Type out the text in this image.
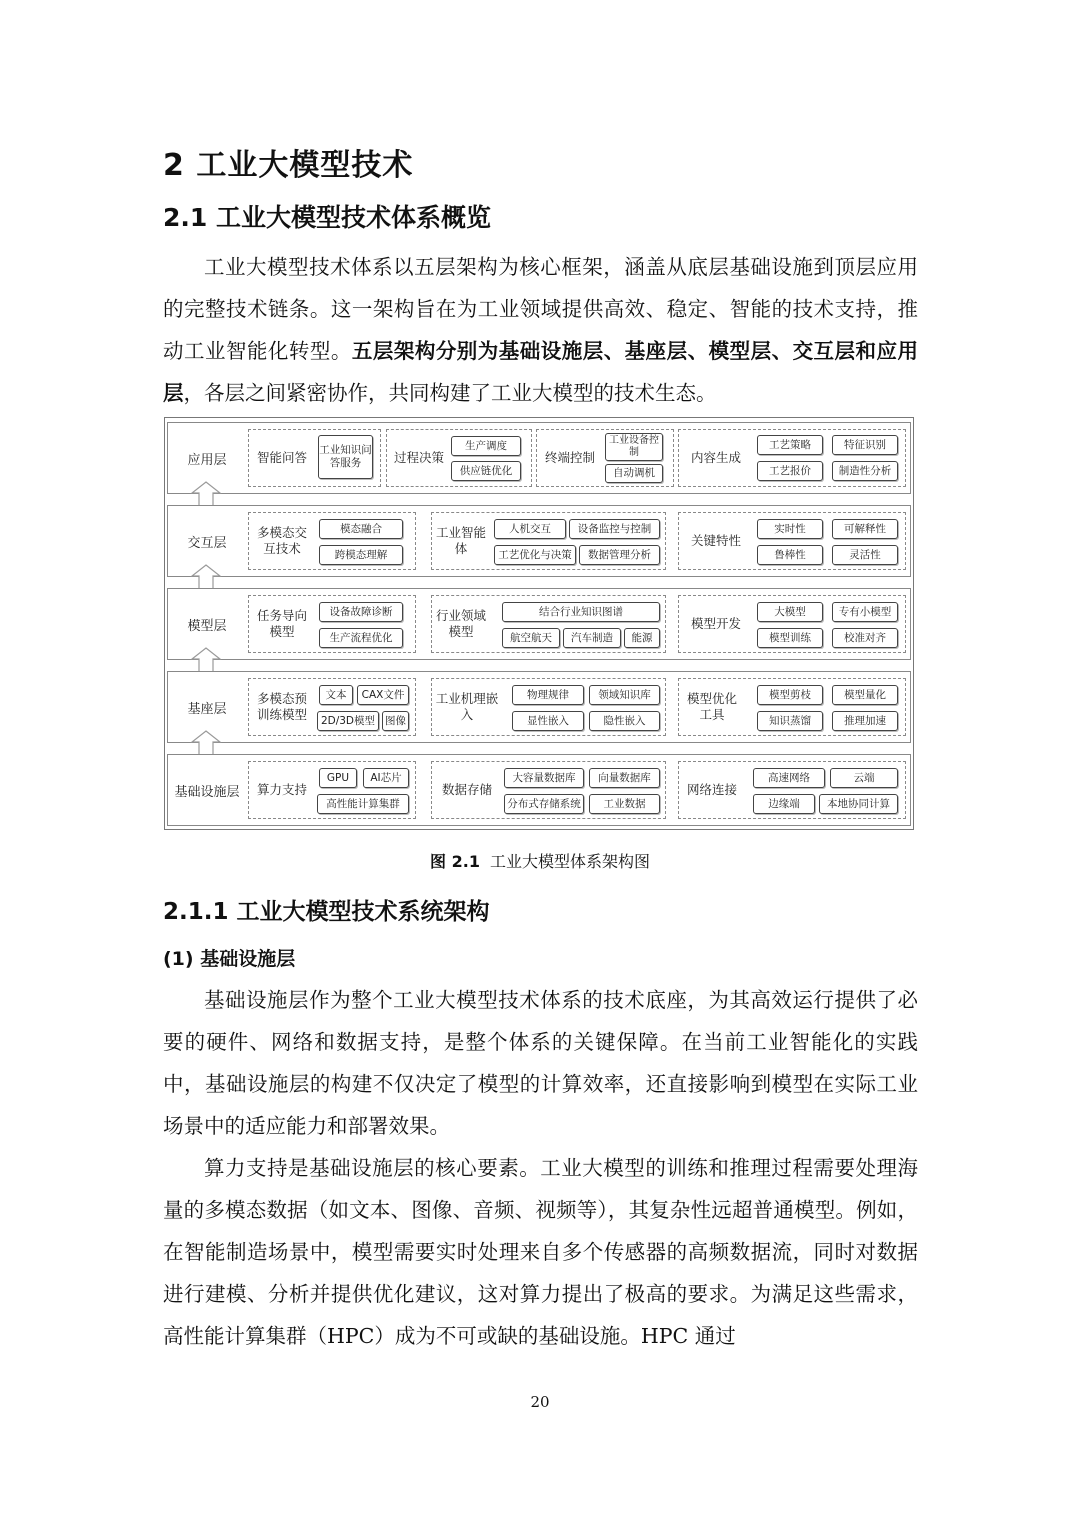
2 工业大模型技术
2.1 工业大模型技术体系概览
工业大模型技术体系以五层架构为核心框架，涵盖从底层基础设施到顶层应用的完整技术链条。这一架构旨在为工业领域提供高效、稳定、智能的技术支持，推动工业智能化转型。五层架构分别为基础设施层、基座层、模型层、交互层和应用层，各层之间紧密协作，共同构建了工业大模型的技术生态。
应用层	智能问答	工业知识问答服务	过程决策
生产调度
供应链优化
终端控制
工业设备控制
自动调机
内容生成
工艺策略	特征识别
工艺报价	制造性分析
交互层
多模态交互技术
模态融合
跨模态理解
工业智能体
人机交互	设备监控与控制
工艺优化与决策	数据管理分析
关键特性
实时性	可解释性
鲁棒性	灵活性
模型层
任务导向模型
设备故障诊断
生产流程优化
行业领域模型
结合行业知识图谱
航空航天	汽车制造	能源
模型开发
大模型	专有小模型
模型训练	校准对齐
基座层
多模态预训练模型
文本	CAX文件
2D/3D模型 图像
工业机理嵌入
物理规律	领域知识库
显性嵌入	隐性嵌入
模型优化工具
模型剪枝	模型量化
知识蒸馏	推理加速
基础设施层	算力支持
GPU	AI芯片
高性能计算集群
数据存储
大容量数据库	向量数据库
分布式存储系统	工业数据
网络连接
高速网络	云端
边缘端	本地协同计算
图 2.1 工业大模型体系架构图
2.1.1 工业大模型技术系统架构
(1) 基础设施层
基础设施层作为整个工业大模型技术体系的技术底座，为其高效运行提供了必要的硬件、网络和数据支持，是整个体系的关键保障。在当前工业智能化的实践中，基础设施层的构建不仅决定了模型的计算效率，还直接影响到模型在实际工业场景中的适应能力和部署效果。
算力支持是基础设施层的核心要素。工业大模型的训练和推理过程需要处理海量的多模态数据（如文本、图像、音频、视频等），其复杂性远超普通模型。例如，在智能制造场景中，模型需要实时处理来自多个传感器的高频数据流，同时对数据进行建模、分析并提供优化建议，这对算力提出了极高的要求。为满足这些需求，高性能计算集群（HPC）成为不可或缺的基础设施。HPC 通过
20
